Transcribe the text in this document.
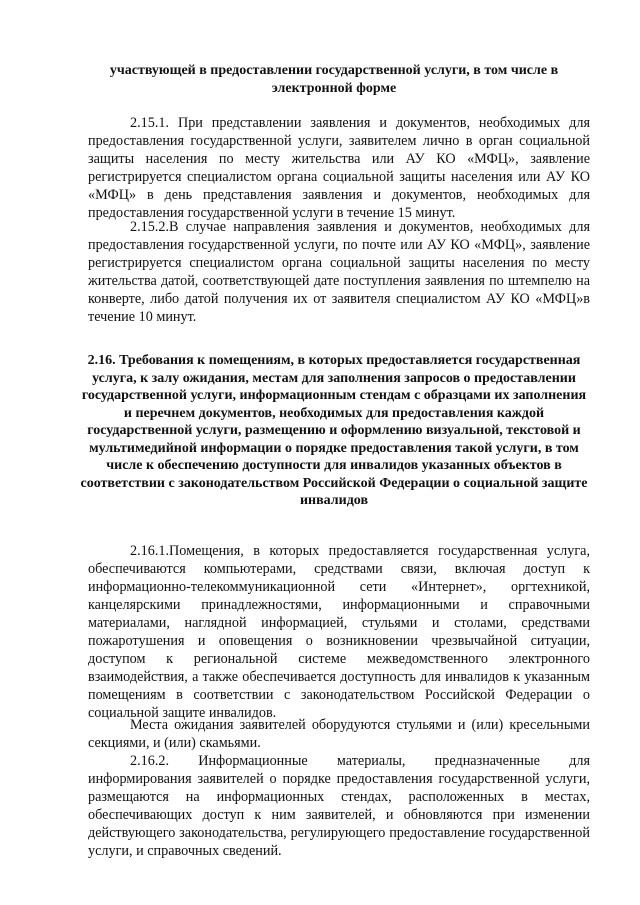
участвующей в предоставлении государственной услуги, в том числе в электронной форме

2.15.1. При представлении заявления и документов, необходимых для предоставления государственной услуги, заявителем лично в орган социальной защиты населения по месту жительства или АУ КО «МФЦ», заявление регистрируется специалистом органа социальной защиты населения или АУ КО «МФЦ» в день представления заявления и документов, необходимых для предоставления государственной услуги в течение 15 минут.

2.15.2.В случае направления заявления и документов, необходимых для предоставления государственной услуги, по почте или АУ КО «МФЦ», заявление регистрируется специалистом органа социальной защиты населения по месту жительства датой, соответствующей дате поступления заявления по штемпелю на конверте, либо датой получения их от заявителя специалистом АУ КО «МФЦ»в течение 10 минут.

2.16. Требования к помещениям, в которых предоставляется государственная услуга, к залу ожидания, местам для заполнения запросов о предоставлении государственной услуги, информационным стендам с образцами их заполнения и перечнем документов, необходимых для предоставления каждой государственной услуги, размещению и оформлению визуальной, текстовой и мультимедийной информации о порядке предоставления такой услуги, в том числе к обеспечению доступности для инвалидов указанных объектов в соответствии с законодательством Российской Федерации о социальной защите инвалидов

2.16.1.Помещения, в которых предоставляется государственная услуга, обеспечиваются компьютерами, средствами связи, включая доступ к информационно-телекоммуникационной сети «Интернет», оргтехникой, канцелярскими принадлежностями, информационными и справочными материалами, наглядной информацией, стульями и столами, средствами пожаротушения и оповещения о возникновении чрезвычайной ситуации, доступом к региональной системе межведомственного электронного взаимодействия, а также обеспечивается доступность для инвалидов к указанным помещениям в соответствии с законодательством Российской Федерации о социальной защите инвалидов.

Места ожидания заявителей оборудуются стульями и (или) кресельными секциями, и (или) скамьями.

2.16.2. Информационные материалы, предназначенные для информирования заявителей о порядке предоставления государственной услуги, размещаются на информационных стендах, расположенных в местах, обеспечивающих доступ к ним заявителей, и обновляются при изменении действующего законодательства, регулирующего предоставление государственной услуги, и справочных сведений.
